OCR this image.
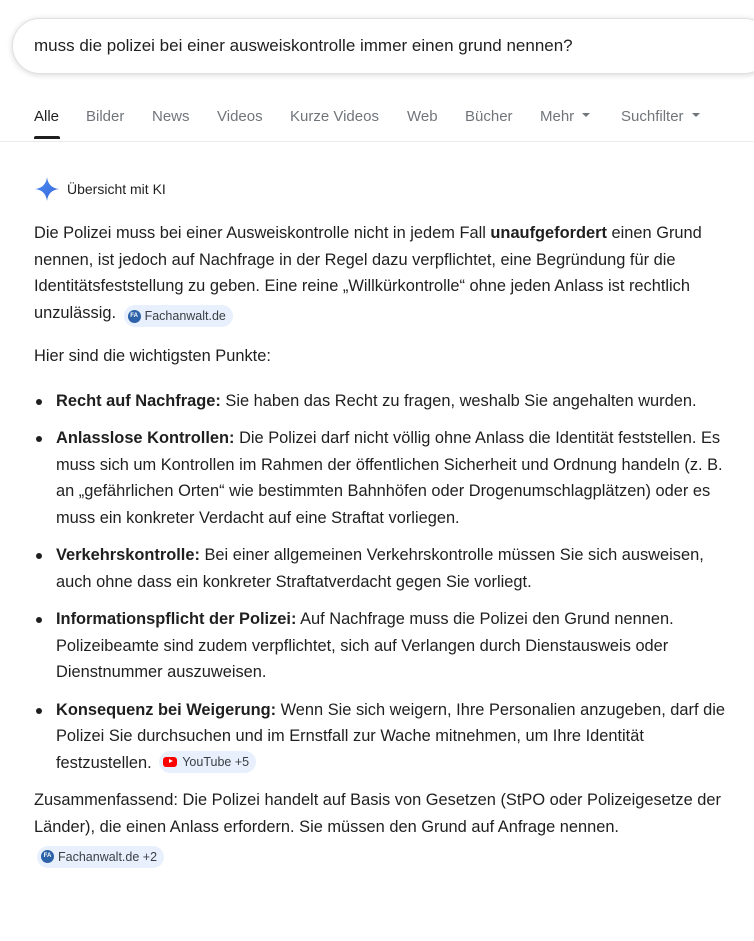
muss die polizei bei einer ausweiskontrolle immer einen grund nennen?
Alle Bilder News Videos Kurze Videos Web Bücher Mehr	Suchfilter
Übersicht mit KI

Die Polizei muss bei einer Ausweiskontrolle nicht in jedem Fall unaufgefordert einen Grund nennen, ist jedoch auf Nachfrage in der Regel dazu verpflichtet, eine Begründung für die Identitätsfeststellung zu geben. Eine reine „Willkürkontrolle“ ohne jeden Anlass ist rechtlich unzulässig.	FA Fachanwalt.de

Hier sind die wichtigsten Punkte:

Recht auf Nachfrage: Sie haben das Recht zu fragen, weshalb Sie angehalten wurden.
Anlasslose Kontrollen: Die Polizei darf nicht völlig ohne Anlass die Identität feststellen. Es muss sich um Kontrollen im Rahmen der öffentlichen Sicherheit und Ordnung handeln (z. B. an „gefährlichen Orten“ wie bestimmten Bahnhöfen oder Drogenumschlagplätzen) oder es muss ein konkreter Verdacht auf eine Straftat vorliegen.
Verkehrskontrolle: Bei einer allgemeinen Verkehrskontrolle müssen Sie sich ausweisen, auch ohne dass ein konkreter Straftatverdacht gegen Sie vorliegt.
Informationspflicht der Polizei: Auf Nachfrage muss die Polizei den Grund nennen. Polizeibeamte sind zudem verpflichtet, sich auf Verlangen durch Dienstausweis oder Dienstnummer auszuweisen.
Konsequenz bei Weigerung: Wenn Sie sich weigern, Ihre Personalien anzugeben, darf die Polizei Sie durchsuchen und im Ernstfall zur Wache mitnehmen, um Ihre Identität festzustellen. YouTube +5

Zusammenfassend: Die Polizei handelt auf Basis von Gesetzen (StPO oder Polizeigesetze der Länder), die einen Anlass erfordern. Sie müssen den Grund auf Anfrage nennen.
FA Fachanwalt.de +2
